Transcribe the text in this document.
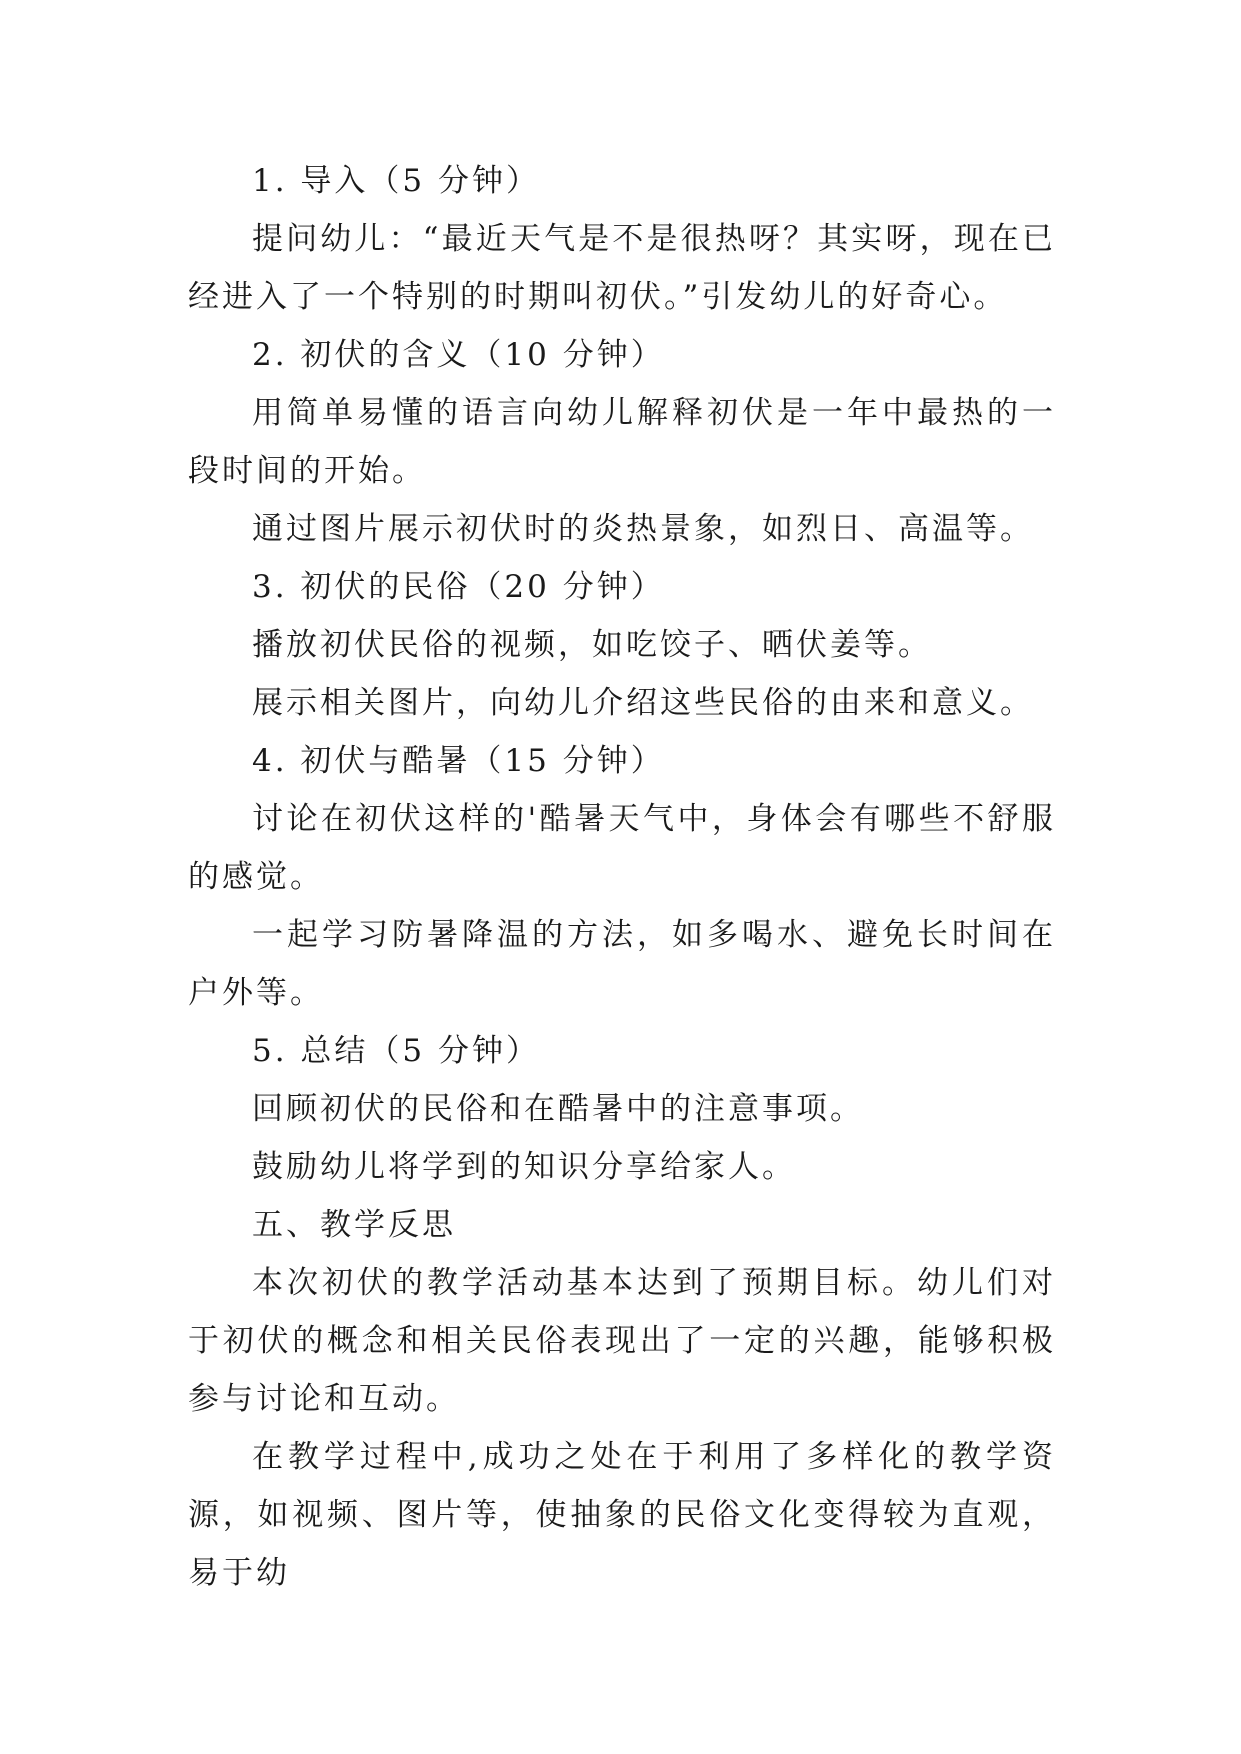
1. 导入（5 分钟）

提问幼儿：“最近天气是不是很热呀？其实呀，现在已经进入了一个特别的时期叫初伏。”引发幼儿的好奇心。

2. 初伏的含义（10 分钟）

用简单易懂的语言向幼儿解释初伏是一年中最热的一段时间的开始。

通过图片展示初伏时的炎热景象，如烈日、高温等。

3. 初伏的民俗（20 分钟）

播放初伏民俗的视频，如吃饺子、晒伏姜等。

展示相关图片，向幼儿介绍这些民俗的由来和意义。

4. 初伏与酷暑（15 分钟）

讨论在初伏这样的'酷暑天气中，身体会有哪些不舒服的感觉。

一起学习防暑降温的方法，如多喝水、避免长时间在户外等。

5. 总结（5 分钟）

回顾初伏的民俗和在酷暑中的注意事项。

鼓励幼儿将学到的知识分享给家人。

五、教学反思

本次初伏的教学活动基本达到了预期目标。幼儿们对于初伏的概念和相关民俗表现出了一定的兴趣，能够积极参与讨论和互动。

在教学过程中,成功之处在于利用了多样化的教学资源，如视频、图片等，使抽象的民俗文化变得较为直观，易于幼
